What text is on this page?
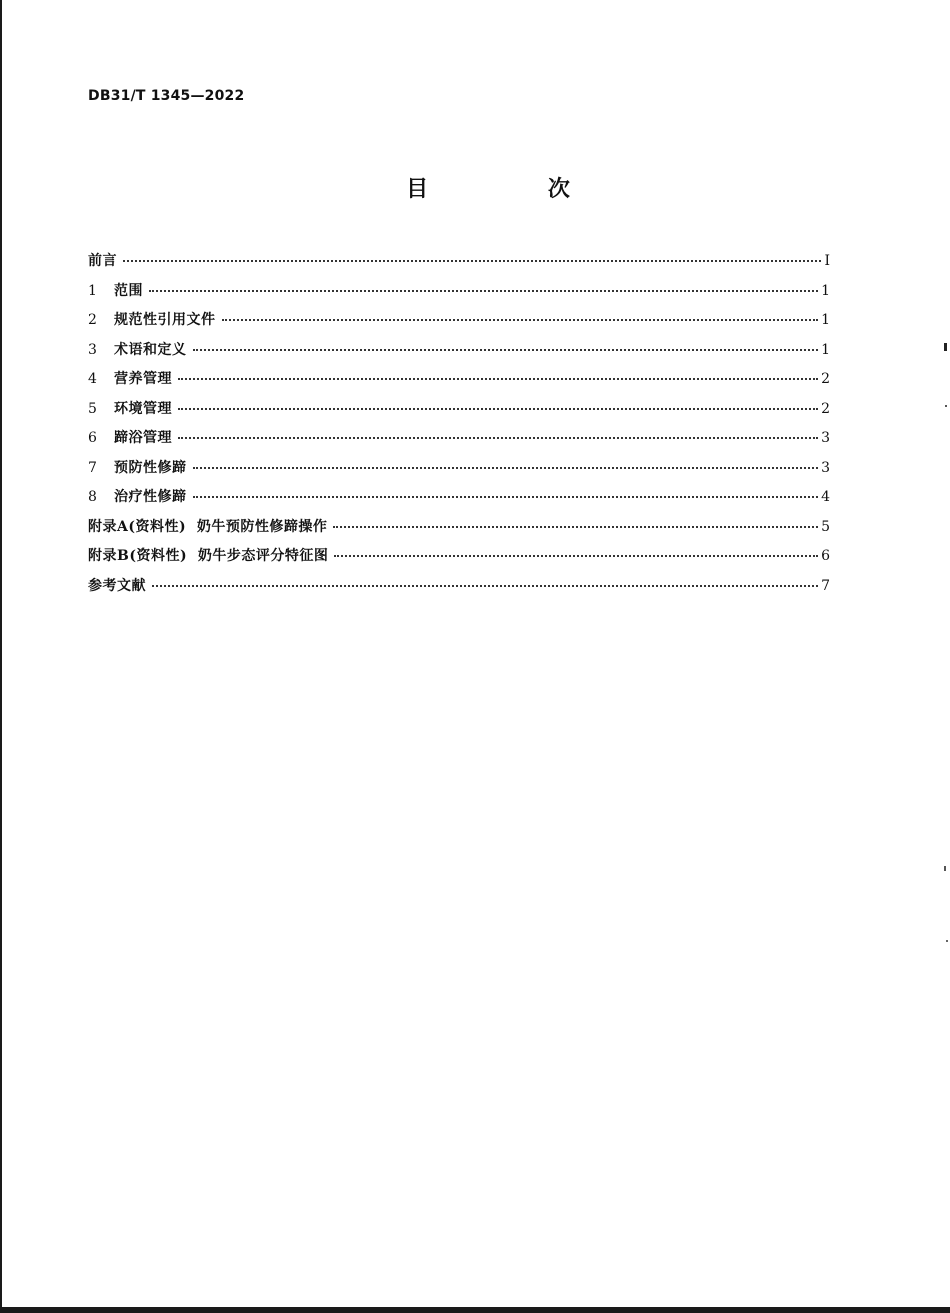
DB31/T 1345—2022
目 次
前言	Ⅰ
1	范围	1
2	规范性引用文件	1
3	术语和定义	1
4	营养管理	2
5	环境管理	2
6	蹄浴管理	3
7	预防性修蹄	3
8	治疗性修蹄	4
附录A(资料性)  奶牛预防性修蹄操作	5
附录B(资料性)  奶牛步态评分特征图	6
参考文献	7
